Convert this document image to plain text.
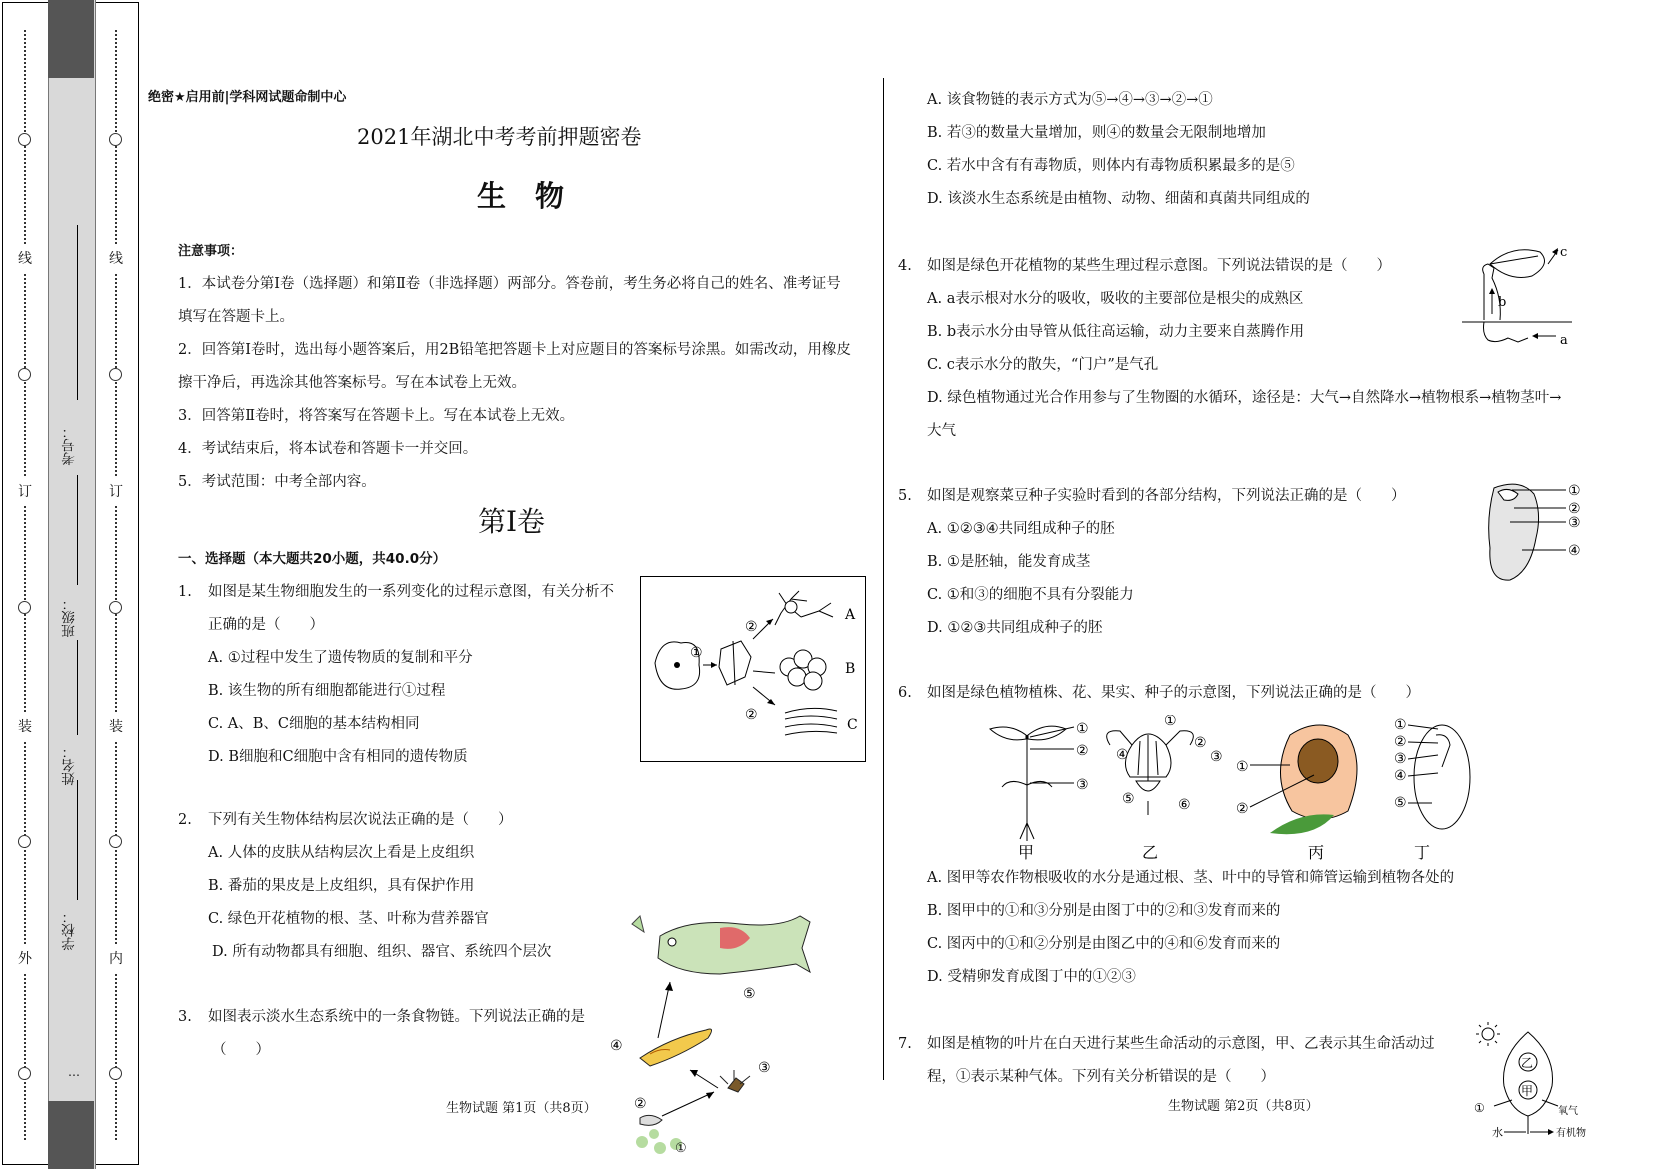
线
订
装
外
线
订
装
内
考号：
班级：
姓名：
学校：
…
绝密★启用前|学科网试题命制中心
2021年湖北中考考前押题密卷
生　物
注意事项：
1．本试卷分第Ⅰ卷（选择题）和第Ⅱ卷（非选择题）两部分。答卷前，考生务必将自己的姓名、准考证号
填写在答题卡上。
2．回答第Ⅰ卷时，选出每小题答案后，用2B铅笔把答题卡上对应题目的答案标号涂黑。如需改动，用橡皮
擦干净后，再选涂其他答案标号。写在本试卷上无效。
3．回答第Ⅱ卷时，将答案写在答题卡上。写在本试卷上无效。
4．考试结束后，将本试卷和答题卡一并交回。
5．考试范围：中考全部内容。
第Ⅰ卷
一、选择题（本大题共20小题，共40.0分）
1. 如图是某生物细胞发生的一系列变化的过程示意图，有关分析不
正确的是（　　）
A. ①过程中发生了遗传物质的复制和平分
B. 该生物的所有细胞都能进行①过程
C. A、B、C细胞的基本结构相同
D. B细胞和C细胞中含有相同的遗传物质
①
②
②
A
B
C
2. 下列有关生物体结构层次说法正确的是（　　）
A. 人体的皮肤从结构层次上看是上皮组织
B. 番茄的果皮是上皮组织，具有保护作用
C. 绿色开花植物的根、茎、叶称为营养器官
D. 所有动物都具有细胞、组织、器官、系统四个层次
3. 如图表示淡水生态系统中的一条食物链。下列说法正确的是
（　　）
⑤
④
③
②
①
生物试题 第1页（共8页）
A. 该食物链的表示方式为⑤→④→③→②→①
B. 若③的数量大量增加，则④的数量会无限制地增加
C. 若水中含有有毒物质，则体内有毒物质积累最多的是⑤
D. 该淡水生态系统是由植物、动物、细菌和真菌共同组成的
4. 如图是绿色开花植物的某些生理过程示意图。下列说法错误的是（　　）
A. a表示根对水分的吸收，吸收的主要部位是根尖的成熟区
B. b表示水分由导管从低往高运输，动力主要来自蒸腾作用
C. c表示水分的散失，“门户”是气孔
D. 绿色植物通过光合作用参与了生物圈的水循环，途径是：大气→自然降水→植物根系→植物茎叶→
大气
b
c
a
5. 如图是观察菜豆种子实验时看到的各部分结构，下列说法正确的是（　　）
A. ①②③④共同组成种子的胚
B. ①是胚轴，能发育成茎
C. ①和③的细胞不具有分裂能力
D. ①②③共同组成种子的胚
①
②
③
④
6. 如图是绿色植物植株、花、果实、种子的示意图，下列说法正确的是（　　）
①
②
③
甲
④
①
②
③
⑤	⑥
乙
①
②
丙
①
②
③
④
⑤
丁
A. 图甲等农作物根吸收的水分是通过根、茎、叶中的导管和筛管运输到植物各处的
B. 图甲中的①和③分别是由图丁中的②和③发育而来的
C. 图丙中的①和②分别是由图乙中的④和⑥发育而来的
D. 受精卵发育成图丁中的①②③
7. 如图是植物的叶片在白天进行某些生命活动的示意图，甲、乙表示其生命活动过
程，①表示某种气体。下列有关分析错误的是（　　）
乙
甲
①	氧气
水	有机物
生物试题 第2页（共8页）
